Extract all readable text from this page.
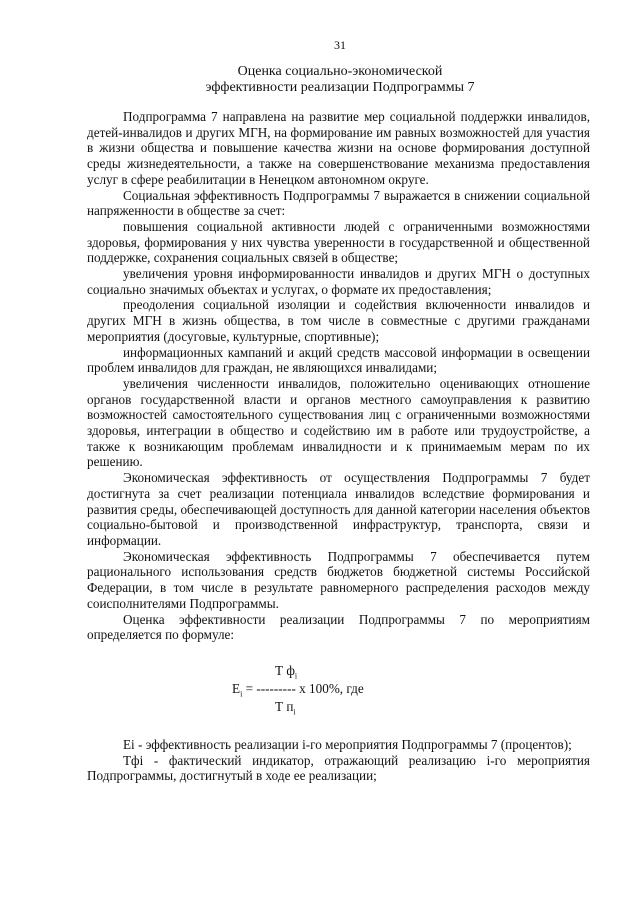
31
Оценка социально-экономической
эффективности реализации Подпрограммы 7

Подпрограмма 7 направлена на развитие мер социальной поддержки инвалидов, детей-инвалидов и других МГН, на формирование им равных возможностей для участия в жизни общества и повышение качества жизни на основе формирования доступной среды жизнедеятельности, а также на совершенствование механизма предоставления услуг в сфере реабилитации в Ненецком автономном округе.

Социальная эффективность Подпрограммы 7 выражается в снижении социальной напряженности в обществе за счет:

повышения социальной активности людей с ограниченными возможностями здоровья, формирования у них чувства уверенности в государственной и общественной поддержке, сохранения социальных связей в обществе;

увеличения уровня информированности инвалидов и других МГН о доступных социально значимых объектах и услугах, о формате их предоставления;

преодоления социальной изоляции и содействия включенности инвалидов и других МГН в жизнь общества, в том числе в совместные с другими гражданами мероприятия (досуговые, культурные, спортивные);

информационных кампаний и акций средств массовой информации в освещении проблем инвалидов для граждан, не являющихся инвалидами;

увеличения численности инвалидов, положительно оценивающих отношение органов государственной власти и органов местного самоуправления к развитию возможностей самостоятельного существования лиц с ограниченными возможностями здоровья, интеграции в общество и содействию им в работе или трудоустройстве, а также к возникающим проблемам инвалидности и к принимаемым мерам по их решению.

Экономическая эффективность от осуществления Подпрограммы 7 будет достигнута за счет реализации потенциала инвалидов вследствие формирования и развития среды, обеспечивающей доступность для данной категории населения объектов социально-бытовой и производственной инфраструктур, транспорта, связи и информации.

Экономическая эффективность Подпрограммы 7 обеспечивается путем рационального использования средств бюджетов бюджетной системы Российской Федерации, в том числе в результате равномерного распределения расходов между соисполнителями Подпрограммы.

Оценка эффективности реализации Подпрограммы 7 по мероприятиям определяется по формуле:

Т $ф_i$
$E_i$ = --------- x 100%, где
Т $п_i$

Ei - эффективность реализации i-го мероприятия Подпрограммы 7 (процентов);

Тфi - фактический индикатор, отражающий реализацию i-го мероприятия Подпрограммы, достигнутый в ходе ее реализации;
